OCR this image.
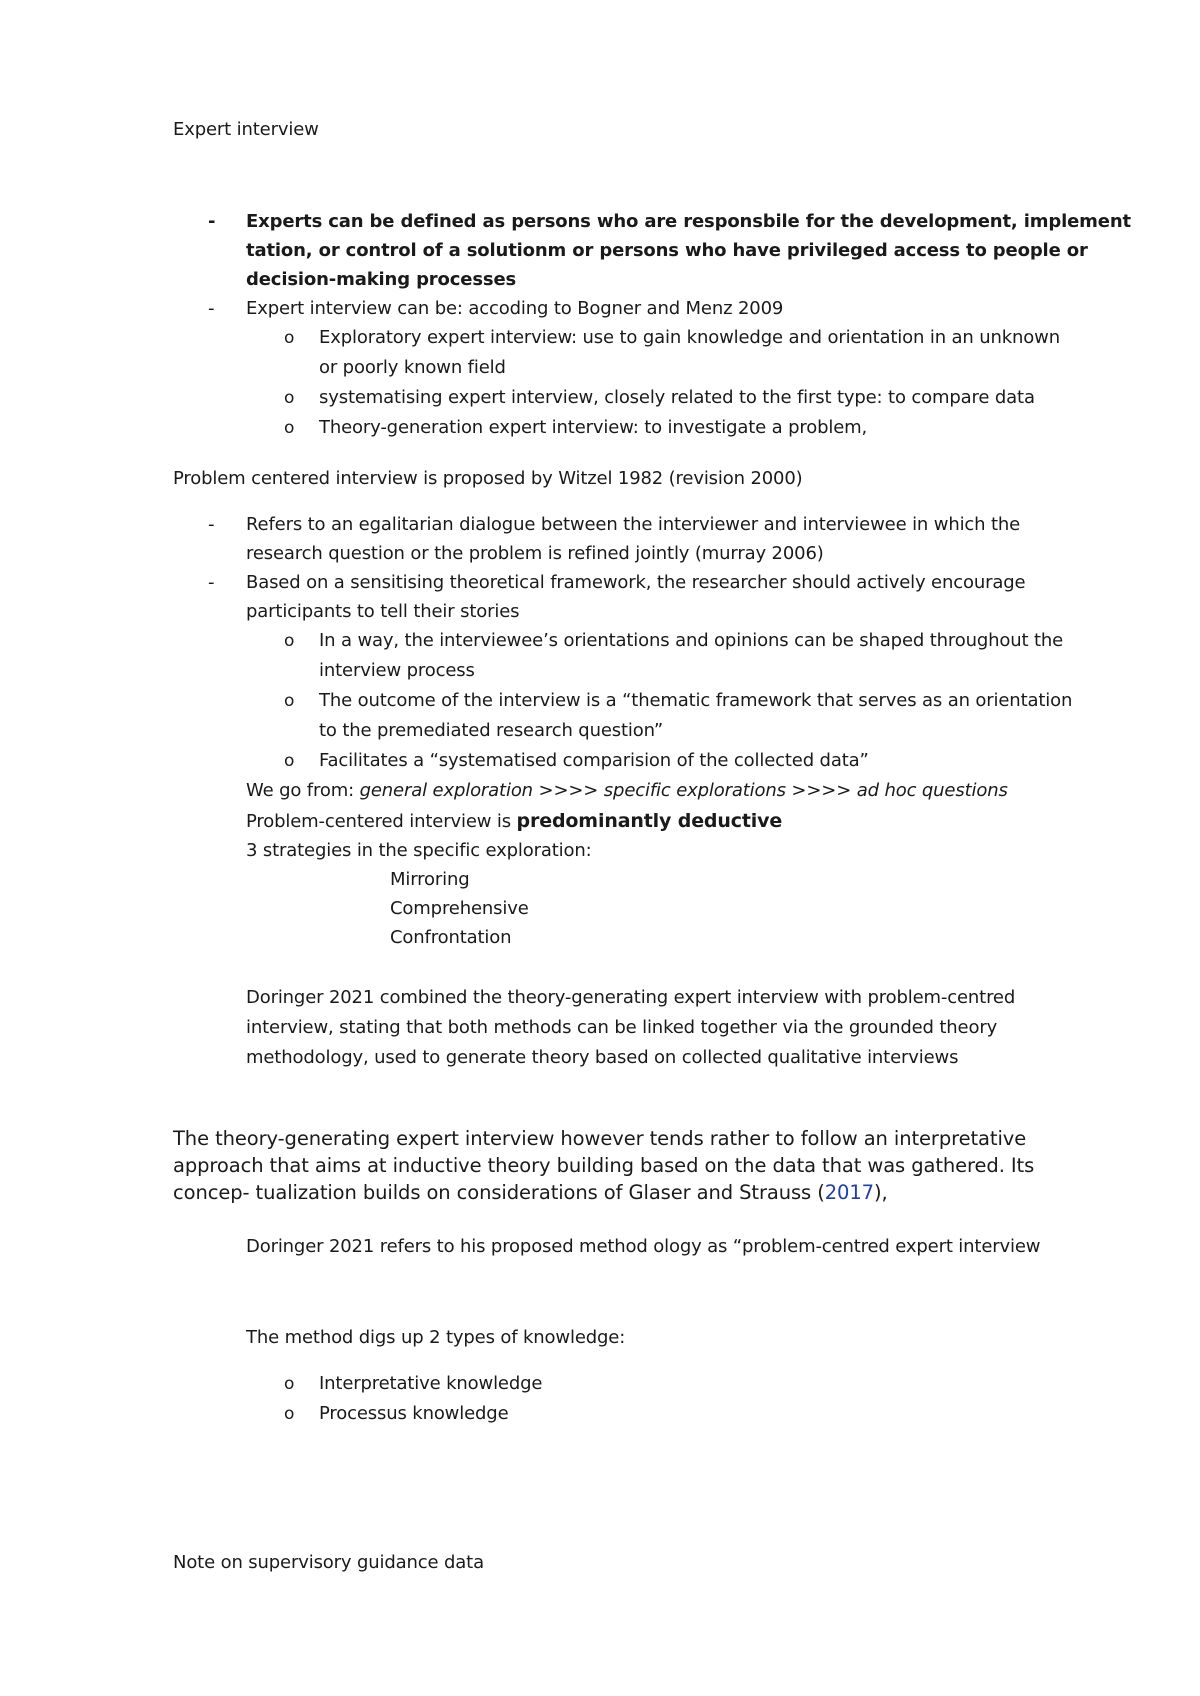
Expert interview
- Experts can be defined as persons who are responsbile for the development, implement
tation, or control of a solutionm or persons who have privileged access to people or
decision-making processes
- Expert interview can be: accoding to Bogner and Menz 2009
o Exploratory expert interview: use to gain knowledge and orientation in an unknown
or poorly known field
o systematising expert interview, closely related to the first type: to compare data
o Theory-generation expert interview: to investigate a problem,
Problem centered interview is proposed by Witzel 1982 (revision 2000)
- Refers to an egalitarian dialogue between the interviewer and interviewee in which the
research question or the problem is refined jointly (murray 2006)
- Based on a sensitising theoretical framework, the researcher should actively encourage
participants to tell their stories
o In a way, the interviewee’s orientations and opinions can be shaped throughout the
interview process
o The outcome of the interview is a “thematic framework that serves as an orientation
to the premediated research question”
o Facilitates a “systematised comparision of the collected data”
We go from: general exploration >>>> specific explorations >>>> ad hoc questions
Problem-centered interview is predominantly deductive
3 strategies in the specific exploration:
Mirroring
Comprehensive
Confrontation
Doringer 2021 combined the theory-generating expert interview with problem-centred
interview, stating that both methods can be linked together via the grounded theory
methodology, used to generate theory based on collected qualitative interviews
The theory-generating expert interview however tends rather to follow an interpretative
approach that aims at inductive theory building based on the data that was gathered. Its
concep- tualization builds on considerations of Glaser and Strauss (2017),
Doringer 2021 refers to his proposed method ology as “problem-centred expert interview
The method digs up 2 types of knowledge:
o Interpretative knowledge
o Processus knowledge
Note on supervisory guidance data
